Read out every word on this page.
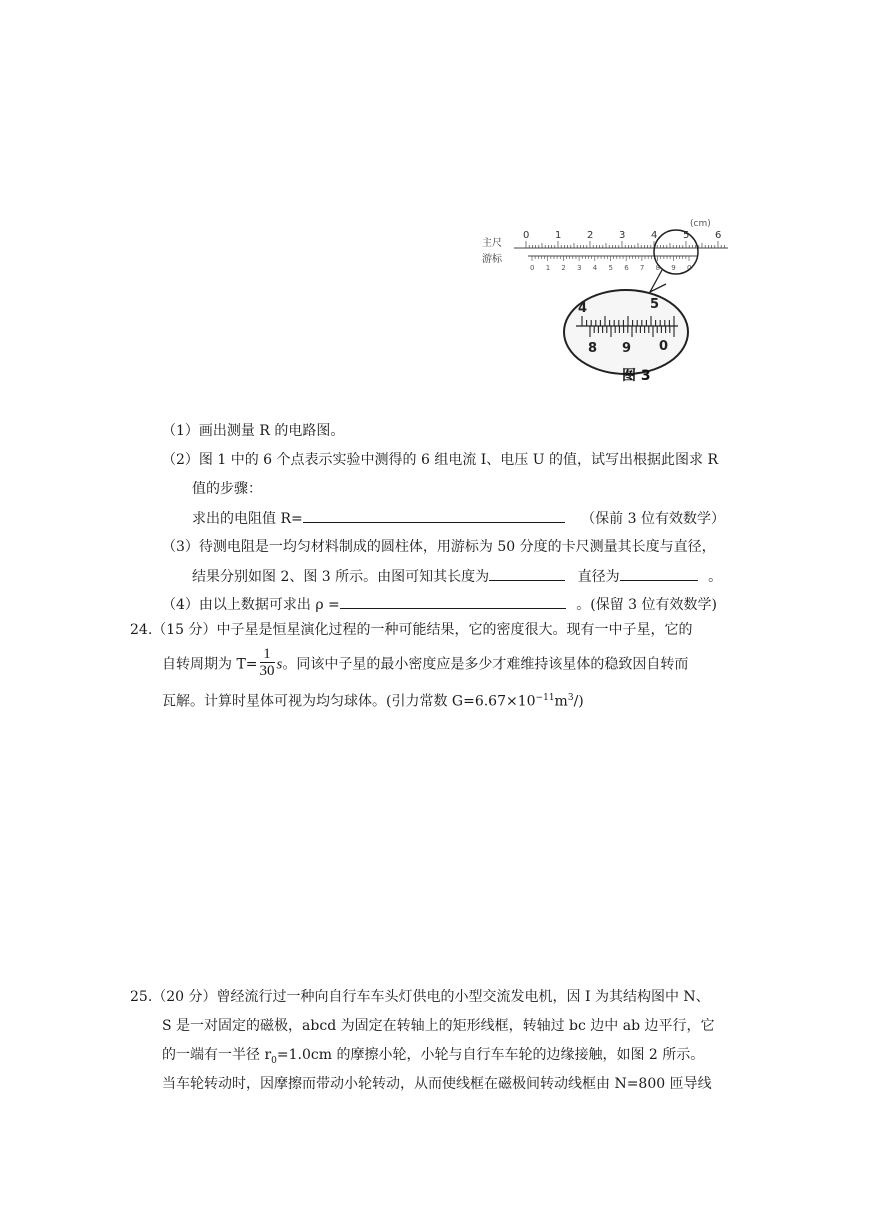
主尺
游标
(cm)
0	1	2	3	4	5	6
0 1 2 3 4 5 6 7 8 9 0
4	5
8 9 0
图 3
（1）画出测量 R 的电路图。
（2）图 1 中的 6 个点表示实验中测得的 6 组电流 I、电压 U 的值，试写出根据此图求 R
值的步骤：
求出的电阻值 R=	（保前 3 位有效数学）
（3）待测电阻是一均匀材料制成的圆柱体，用游标为 50 分度的卡尺测量其长度与直径，
结果分别如图 2、图 3 所示。由图可知其长度为	直径为	。
（4）由以上数据可求出 ρ =	。(保留 3 位有效数学)
24.（15 分）中子星是恒星演化过程的一种可能结果，它的密度很大。现有一中子星，它的
自转周期为 $T= \frac{1}{30}$ s。同该中子星的最小密度应是多少才难维持该星体的稳致因自转而
瓦解。计算时星体可视为均匀球体。(引力常数 $G=6.67\times 10^{-11}m^3/$)
25.（20 分）曾经流行过一种向自行车车头灯供电的小型交流发电机，因 I 为其结构图中 N、
S 是一对固定的磁极，abcd 为固定在转轴上的矩形线框，转轴过 bc 边中 ab 边平行，它
的一端有一半径 $r_0=1.0cm$ 的摩擦小轮，小轮与自行车车轮的边缘接触，如图 2 所示。
当车轮转动时，因摩擦而带动小轮转动，从而使线框在磁极间转动线框由 N=800 匝导线
